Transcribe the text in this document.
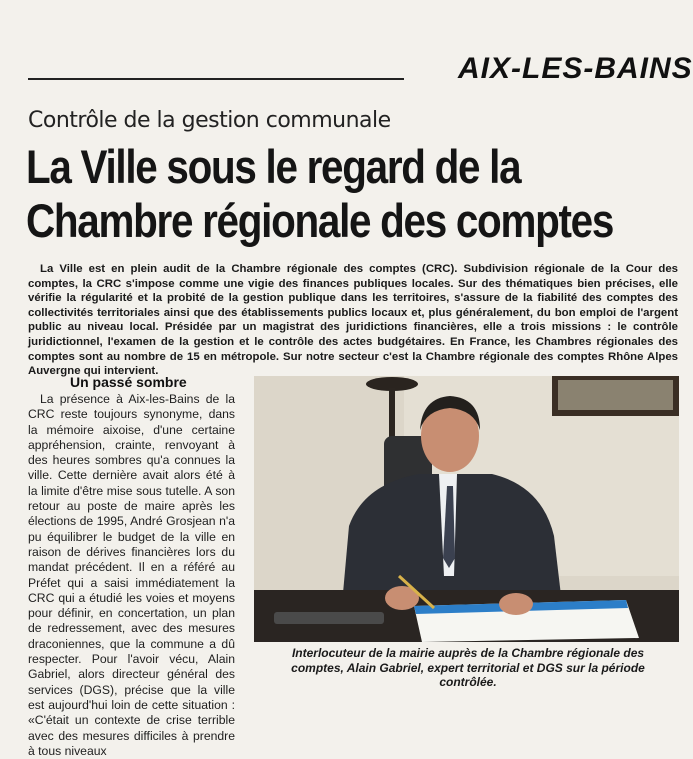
AIX-LES-BAINS
Contrôle de la gestion communale
La Ville sous le regard de la Chambre régionale des comptes

La Ville est en plein audit de la Chambre régionale des comptes (CRC). Subdivision régionale de la Cour des comptes, la CRC s'impose comme une vigie des finances publiques locales. Sur des thématiques bien précises, elle vérifie la régularité et la probité de la gestion publique dans les territoires, s'assure de la fiabilité des comptes des collectivités territoriales ainsi que des établissements publics locaux et, plus généralement, du bon emploi de l'argent public au niveau local. Présidée par un magistrat des juridictions financières, elle a trois missions : le contrôle juridictionnel, l'examen de la gestion et le contrôle des actes budgétaires. En France, les Chambres régionales des comptes sont au nombre de 15 en métropole. Sur notre secteur c'est la Chambre régionale des comptes Rhône Alpes Auvergne qui intervient.

Un passé sombre

La présence à Aix-les-Bains de la CRC reste toujours synonyme, dans la mémoire aixoise, d'une certaine appréhension, crainte, renvoyant à des heures sombres qu'a connues la ville. Cette dernière avait alors été à la limite d'être mise sous tutelle. A son retour au poste de maire après les élections de 1995, André Grosjean n'a pu équilibrer le budget de la ville en raison de dérives financières lors du mandat précédent. Il en a référé au Préfet qui a saisi immédiatement la CRC qui a étudié les voies et moyens pour définir, en concertation, un plan de redressement, avec des mesures draconiennes, que la commune a dû respecter. Pour l'avoir vécu, Alain Gabriel, alors directeur général des services (DGS), précise que la ville est aujourd'hui loin de cette situation : «C'était un contexte de crise terrible avec des mesures difficiles à prendre à tous niveaux

Interlocuteur de la mairie auprès de la Chambre régionale des comptes, Alain Gabriel, expert territorial et DGS sur la période contrôlée.
